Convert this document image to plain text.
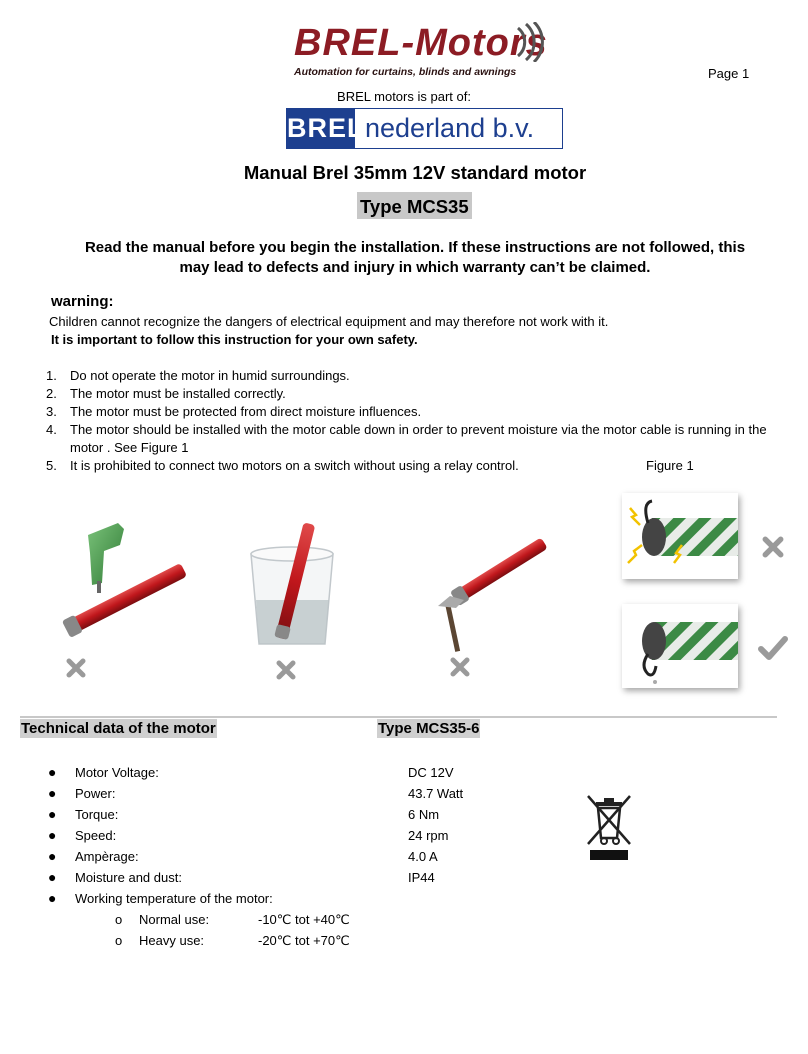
BREL-Motors
Automation for curtains, blinds and awnings	Page 1
BREL motors is part of:
BREL nederland b.v.
Manual Brel 35mm 12V standard motor
Type MCS35
Read the manual before you begin the installation. If these instructions are not followed, this may lead to defects and injury in which warranty can’t be claimed.
warning:
Children cannot recognize the dangers of electrical equipment and may therefore not work with it.
It is important to follow this instruction for your own safety.
1. Do not operate the motor in humid surroundings.
2. The motor must be installed correctly.
3. The motor must be protected from direct moisture influences.
4. The motor should be installed with the motor cable down in order to prevent moisture via the motor cable is running in the motor . See Figure 1
5. It is prohibited to connect two motors on a switch without using a relay control.	Figure 1
Technical data of the motor	Type MCS35-6
● Motor Voltage:	DC 12V
● Power:	43.7 Watt
● Torque:	6 Nm
● Speed:	24 rpm
● Ampèrage:	4.0 A
● Moisture and dust:	IP44
● Working temperature of the motor:
o Normal use:	-10℃ tot +40℃
o Heavy use:	-20℃ tot +70℃
